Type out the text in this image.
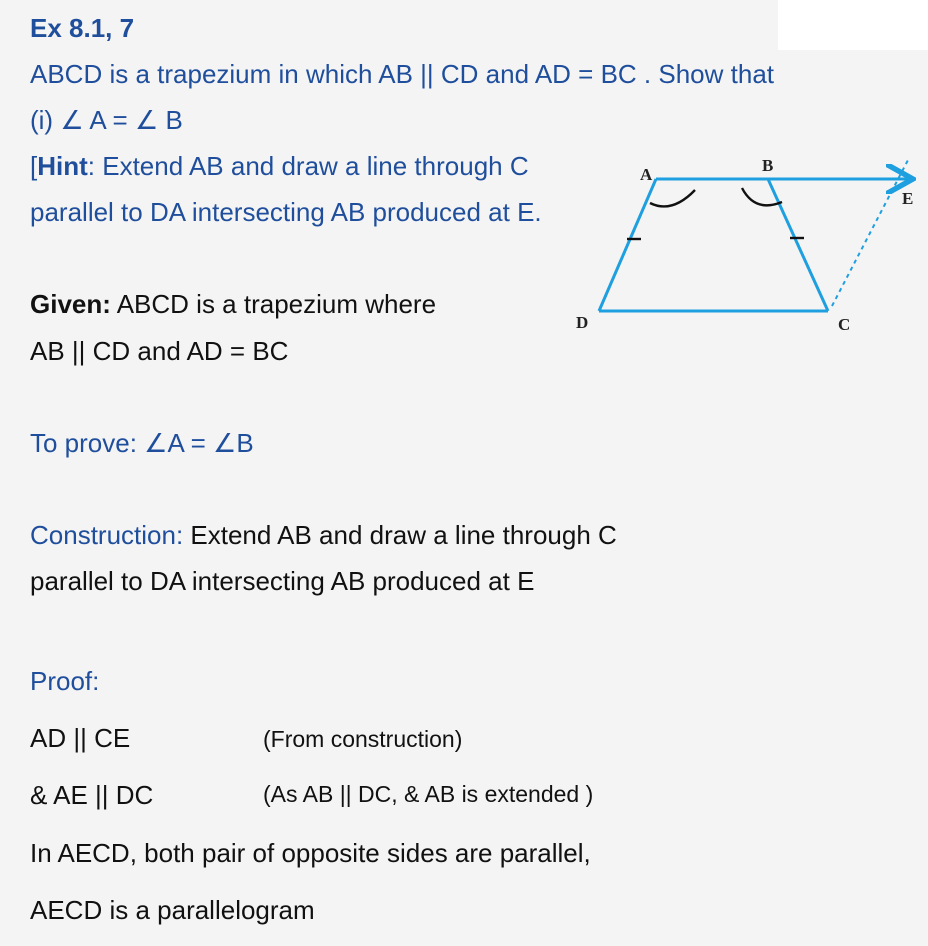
Ex 8.1, 7
ABCD is a trapezium in which AB || CD and AD = BC . Show that
(i) ∠ A = ∠ B
[Hint: Extend AB and draw a line through C
parallel to DA intersecting AB produced at E.
Given: ABCD is a trapezium where
AB || CD and AD = BC
To prove: ∠A = ∠B
Construction: Extend AB and draw a line through C
parallel to DA intersecting AB produced at E
Proof:
AD || CE	(From construction)
& AE || DC	(As AB || DC, & AB is extended )
In AECD, both pair of opposite sides are parallel,
AECD is a parallelogram
A	B
C
D
E
